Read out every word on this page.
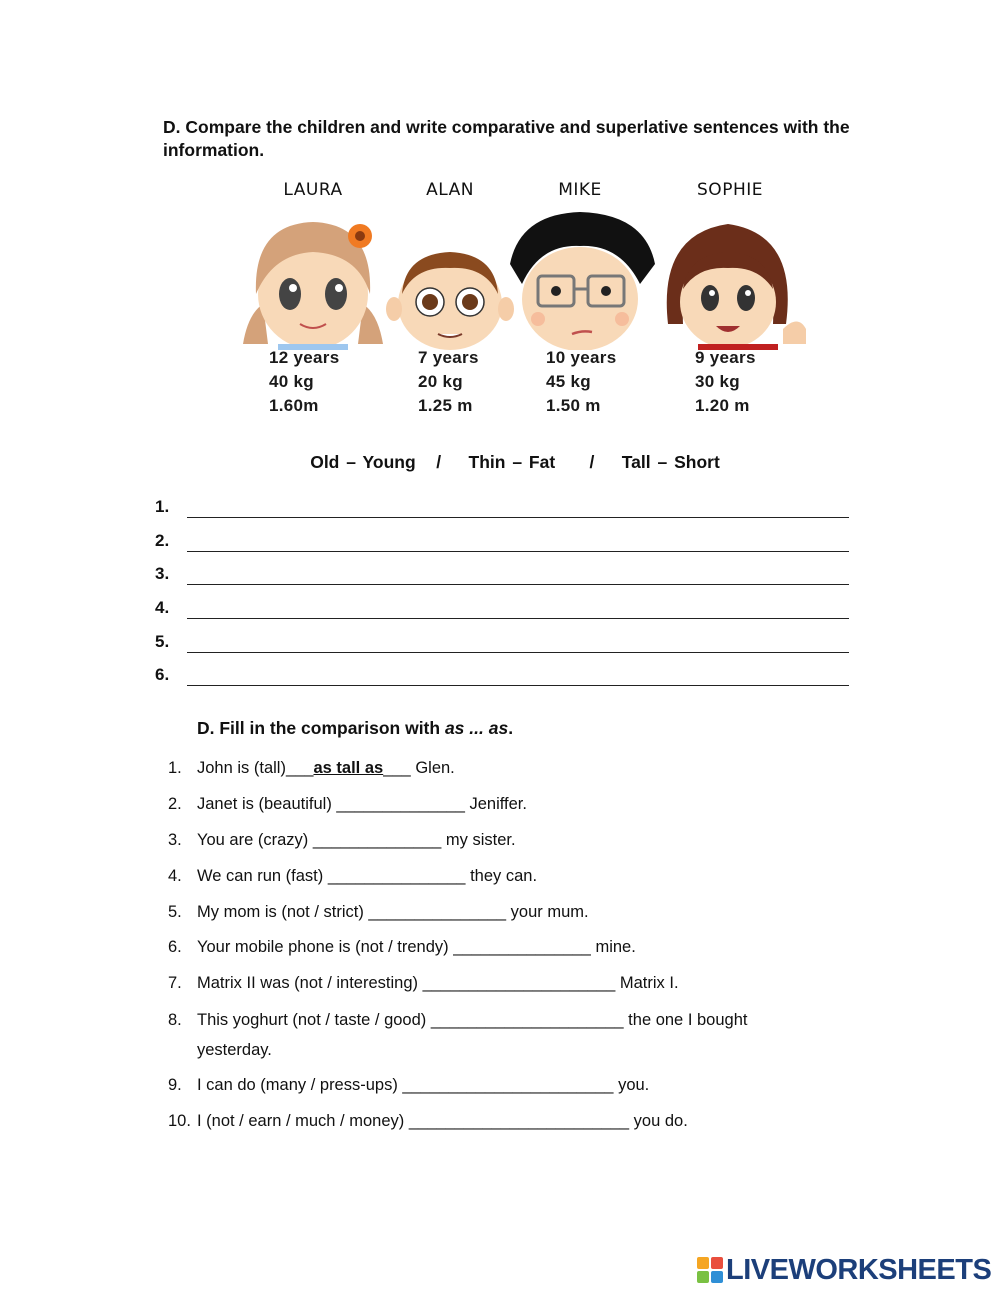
D. Compare the children and write comparative and superlative sentences with the information.
LAURA
12 years
40 kg
1.60m
ALAN
7 years
20 kg
1.25 m
MIKE
10 years
45 kg
1.50 m
SOPHIE
9 years
30 kg
1.20 m
Old – Young   /    Thin – Fat     /    Tall – Short
1.
2.
3.
4.
5.
6.
D. Fill in the comparison with as ... as.
1. John is (tall)___as tall as___ Glen.
2. Janet is (beautiful) ______________ Jeniffer.
3. You are (crazy) ______________ my sister.
4. We can run (fast) _______________ they can.
5. My mom is (not / strict) _______________ your mum.
6. Your mobile phone is (not / trendy) _______________ mine.
7. Matrix II was (not / interesting) _____________________ Matrix I.
8. This yoghurt (not / taste / good) _____________________ the one I bought yesterday.
9. I can do (many / press-ups) _______________________ you.
10. I (not / earn / much / money) ________________________ you do.
LIVEWORKSHEETS
